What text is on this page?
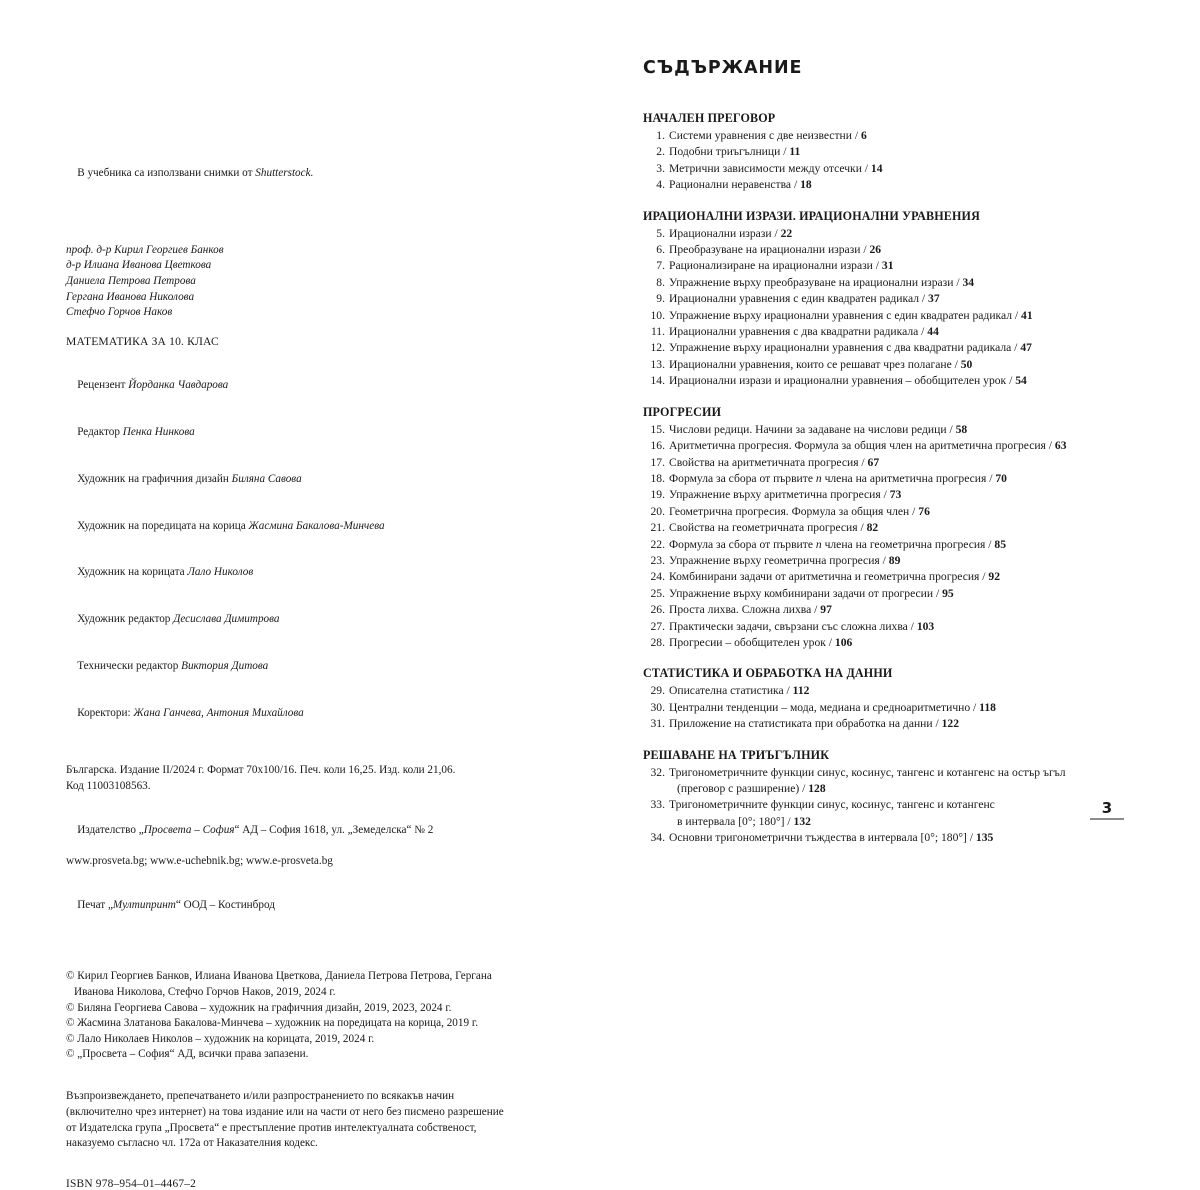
В учебника са използвани снимки от Shutterstock.

проф. д-р Кирил Георгиев Банков
д-р Илиана Иванова Цветкова
Даниела Петрова Петрова
Гергана Иванова Николова
Стефчо Горчов Наков
МАТЕМАТИКА ЗА 10. КЛАС

Рецензент Йорданка Чавдарова

Редактор Пенка Нинкова

Художник на графичния дизайн Биляна Савова

Художник на поредицата на корица Жасмина Бакалова-Минчева

Художник на корицата Лало Николов

Художник редактор Десислава Димитрова

Технически редактор Виктория Дитова

Коректори: Жана Ганчева, Антония Михайлова

Българска. Издание II/2024 г. Формат 70х100/16. Печ. коли 16,25. Изд. коли 21,06.
Код 11003108563.

Издателство „Просвета – София“ АД – София 1618, ул. „Земеделска“ № 2

www.prosveta.bg; www.e-uchebnik.bg; www.e-prosveta.bg

Печат „Мултипринт“ ООД – Костинброд

© Кирил Георгиев Банков, Илиана Иванова Цветкова, Даниела Петрова Петрова, Гергана Иванова Николова, Стефчо Горчов Наков, 2019, 2024 г.
© Биляна Георгиева Савова – художник на графичния дизайн, 2019, 2023, 2024 г.
© Жасмина Златанова Бакалова-Минчева – художник на поредицата на корица, 2019 г.
© Лало Николаев Николов – художник на корицата, 2019, 2024 г.
© „Просвета – София“ АД, всички права запазени.
Възпроизвеждането, препечатването и/или разпространението по всякакъв начин (включително чрез интернет) на това издание или на части от него без писмено разрешение от Издателска група „Просвета“ е престъпление против интелектуалната собственост, наказуемо съгласно чл. 172а от Наказателния кодекс.
ISBN 978–954–01–4467–2
СЪДЪРЖАНИЕ
НАЧАЛЕН ПРЕГОВОР
1. Системи уравнения с две неизвестни / 6
2. Подобни триъгълници / 11
3. Метрични зависимости между отсечки / 14
4. Рационални неравенства / 18
ИРАЦИОНАЛНИ ИЗРАЗИ. ИРАЦИОНАЛНИ УРАВНЕНИЯ
5. Ирационални изрази / 22
6. Преобразуване на ирационални изрази / 26
7. Рационализиране на ирационални изрази / 31
8. Упражнение върху преобразуване на ирационални изрази / 34
9. Ирационални уравнения с един квадратен радикал / 37
10. Упражнение върху ирационални уравнения с един квадратен радикал / 41
11. Ирационални уравнения с два квадратни радикала / 44
12. Упражнение върху ирационални уравнения с два квадратни радикала / 47
13. Ирационални уравнения, които се решават чрез полагане / 50
14. Ирационални изрази и ирационални уравнения – обобщителен урок / 54
ПРОГРЕСИИ
15. Числови редици. Начини за задаване на числови редици / 58
16. Аритметична прогресия. Формула за общия член на аритметична прогресия / 63
17. Свойства на аритметичната прогресия / 67
18. Формула за сбора от първите n члена на аритметична прогресия / 70
19. Упражнение върху аритметична прогресия / 73
20. Геометрична прогресия. Формула за общия член / 76
21. Свойства на геометричната прогресия / 82
22. Формула за сбора от първите n члена на геометрична прогресия / 85
23. Упражнение върху геометрична прогресия / 89
24. Комбинирани задачи от аритметична и геометрична прогресия / 92
25. Упражнение върху комбинирани задачи от прогресии / 95
26. Проста лихва. Сложна лихва / 97
27. Практически задачи, свързани със сложна лихва / 103
28. Прогресии – обобщителен урок / 106
СТАТИСТИКА И ОБРАБОТКА НА ДАННИ
29. Описателна статистика / 112
30. Централни тенденции – мода, медиана и средноаритметично / 118
31. Приложение на статистиката при обработка на данни / 122
РЕШАВАНЕ НА ТРИЪГЪЛНИК
32. Тригонометричните функции синус, косинус, тангенс и котангенс на остър ъгъл
(преговор с разширение) / 128
33. Тригонометричните функции синус, косинус, тангенс и котангенс
в интервала [0°; 180°] / 132
34. Основни тригонометрични тъждества в интервала [0°; 180°] / 135
3
